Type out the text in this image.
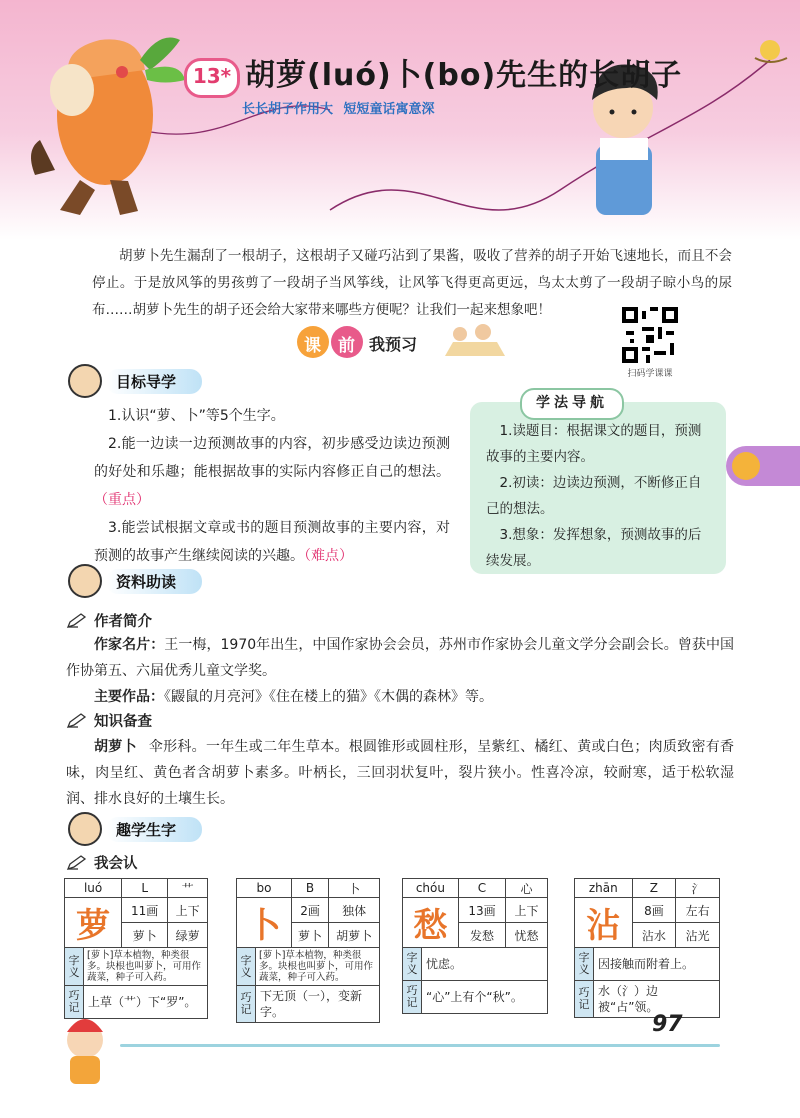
13* 胡萝(luó)卜(bo)先生的长胡子
长长胡子作用大 短短童话寓意深

胡萝卜先生漏刮了一根胡子，这根胡子又碰巧沾到了果酱，吸收了营养的胡子开始飞速地长，而且不会停止。于是放风筝的男孩剪了一段胡子当风筝线，让风筝飞得更高更远，鸟太太剪了一段胡子晾小鸟的尿布……胡萝卜先生的胡子还会给大家带来哪些方便呢？让我们一起来想象吧！

课 前 我预习
扫码学课课
目标导学

1.认识“萝、卜”等5个生字。

2.能一边读一边预测故事的内容，初步感受边读边预测的好处和乐趣；能根据故事的实际内容修正自己的想法。（重点）

3.能尝试根据文章或书的题目预测故事的主要内容，对预测的故事产生继续阅读的兴趣。（难点）

学法导航

1.读题目：根据课文的题目，预测故事的主要内容。

2.初读：边读边预测，不断修正自己的想法。

3.想象：发挥想象，预测故事的后续发展。

资料助读
作者简介

作家名片：王一梅，1970年出生，中国作家协会会员，苏州市作家协会儿童文学分会副会长。曾获中国作协第五、六届优秀儿童文学奖。

主要作品：《鼹鼠的月亮河》《住在楼上的猫》《木偶的森林》等。

知识备查

胡萝卜 伞形科。一年生或二年生草本。根圆锥形或圆柱形，呈紫红、橘红、黄或白色；肉质致密有香味，肉呈红、黄色者含胡萝卜素多。叶柄长，三回羽状复叶，裂片狭小。性喜冷凉，较耐寒，适于松软湿润、排水良好的土壤生长。

趣学生字
我会认
luó		L	艹
萝		11画	上下
		萝卜	绿萝
字义	[萝卜]草本植物，种类很多。块根也叫萝卜，可用作蔬菜，种子可入药。		
巧记	上草（艹）下“罗”。		
bo		B	卜
卜		2画	独体
		萝卜	胡萝卜
字义	[萝卜]草本植物，种类很多。块根也叫萝卜，可用作蔬菜，种子可入药。		
巧记	下无顶（一），变新字。		
chóu		C	心
愁		13画	上下
		发愁	忧愁
字义	忧虑。		
巧记	“心”上有个“秋”。		
zhān		Z	氵
沾		8画	左右
		沾水	沾光
字义	因接触而附着上。		
巧记	水（氵）边被“占”领。		
97
